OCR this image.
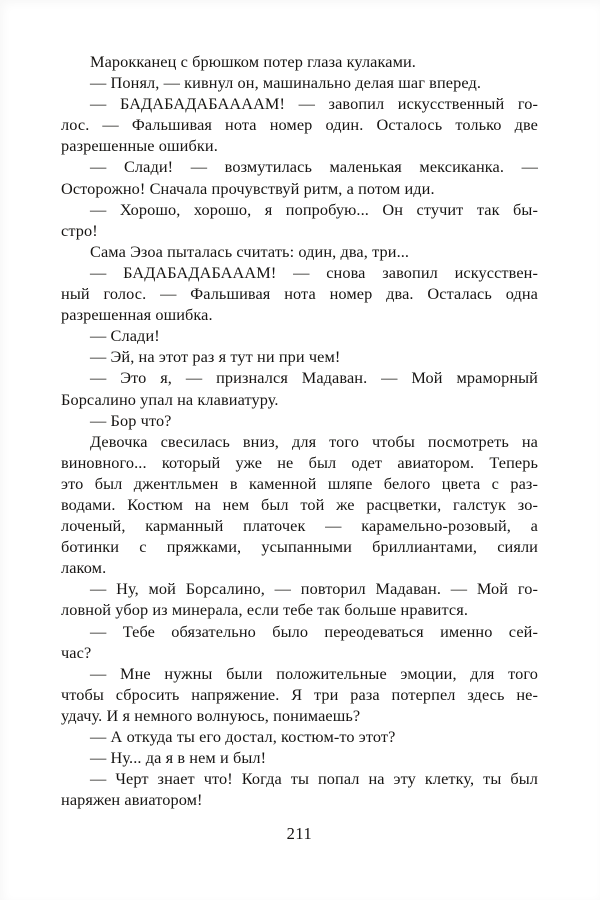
Марокканец с брюшком потер глаза кулаками.
— Понял, — кивнул он, машинально делая шаг вперед.
— БАДАБАДАБААААМ! — завопил искусственный го-
лос. — Фальшивая нота номер один. Осталось только две
разрешенные ошибки.
— Слади! — возмутилась маленькая мексиканка. —
Осторожно! Сначала прочувствуй ритм, а потом иди.
— Хорошо, хорошо, я попробую... Он стучит так бы-
стро!
Сама Эзоа пыталась считать: один, два, три...
— БАДАБАДАБАААМ! — снова завопил искусствен-
ный голос. — Фальшивая нота номер два. Осталась одна
разрешенная ошибка.
— Слади!
— Эй, на этот раз я тут ни при чем!
— Это я, — признался Мадаван. — Мой мраморный
Борсалино упал на клавиатуру.
— Бор что?
Девочка свесилась вниз, для того чтобы посмотреть на
виновного... который уже не был одет авиатором. Теперь
это был джентльмен в каменной шляпе белого цвета с раз-
водами. Костюм на нем был той же расцветки, галстук зо-
лоченый, карманный платочек — карамельно-розовый, а
ботинки с пряжками, усыпанными бриллиантами, сияли
лаком.
— Ну, мой Борсалино, — повторил Мадаван. — Мой го-
ловной убор из минерала, если тебе так больше нравится.
— Тебе обязательно было переодеваться именно сей-
час?
— Мне нужны были положительные эмоции, для того
чтобы сбросить напряжение. Я три раза потерпел здесь не-
удачу. И я немного волнуюсь, понимаешь?
— А откуда ты его достал, костюм-то этот?
— Ну... да я в нем и был!
— Черт знает что! Когда ты попал на эту клетку, ты был
наряжен авиатором!
211
